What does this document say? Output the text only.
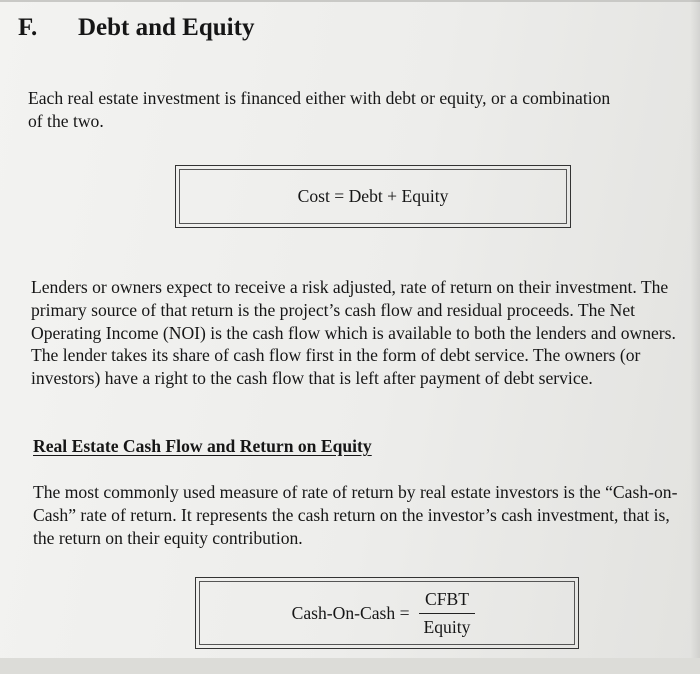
F. Debt and Equity

Each real estate investment is financed either with debt or equity, or a combination of the two.

Cost = Debt + Equity

Lenders or owners expect to receive a risk adjusted, rate of return on their investment. The primary source of that return is the project’s cash flow and residual proceeds. The Net Operating Income (NOI) is the cash flow which is available to both the lenders and owners. The lender takes its share of cash flow first in the form of debt service. The owners (or investors) have a right to the cash flow that is left after payment of debt service.

Real Estate Cash Flow and Return on Equity

The most commonly used measure of rate of return by real estate investors is the “Cash-on-Cash” rate of return. It represents the cash return on the investor’s cash investment, that is, the return on their equity contribution.

Cash-On-Cash = $\frac{\text{CFBT}}{\text{Equity}}$
